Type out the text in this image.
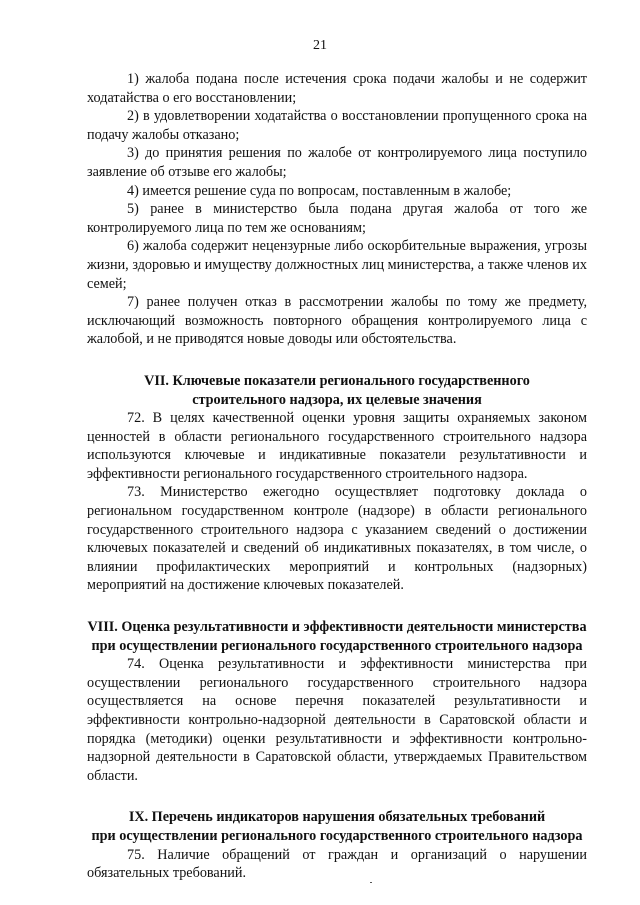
21

1) жалоба подана после истечения срока подачи жалобы и не содержит ходатайства о его восстановлении;

2) в удовлетворении ходатайства о восстановлении пропущенного срока на подачу жалобы отказано;

3) до принятия решения по жалобе от контролируемого лица поступило заявление об отзыве его жалобы;

4) имеется решение суда по вопросам, поставленным в жалобе;

5) ранее в министерство была подана другая жалоба от того же контролируемого лица по тем же основаниям;

6) жалоба содержит нецензурные либо оскорбительные выражения, угрозы жизни, здоровью и имуществу должностных лиц министерства, а также членов их семей;

7) ранее получен отказ в рассмотрении жалобы по тому же предмету, исключающий возможность повторного обращения контролируемого лица с жалобой, и не приводятся новые доводы или обстоятельства.

VII. Ключевые показатели регионального государственного
строительного надзора, их целевые значения

72. В целях качественной оценки уровня защиты охраняемых законом ценностей в области регионального государственного строительного надзора используются ключевые и индикативные показатели результативности и эффективности регионального государственного строительного надзора.

73. Министерство ежегодно осуществляет подготовку доклада о региональном государственном контроле (надзоре) в области регионального государственного строительного надзора с указанием сведений о достижении ключевых показателей и сведений об индикативных показателях, в том числе, о влиянии профилактических мероприятий и контрольных (надзорных) мероприятий на достижение ключевых показателей.

VIII. Оценка результативности и эффективности деятельности министерства
при осуществлении регионального государственного строительного надзора

74. Оценка результативности и эффективности министерства при осуществлении регионального государственного строительного надзора осуществляется на основе перечня показателей результативности и эффективности контрольно-надзорной деятельности в Саратовской области и порядка (методики) оценки результативности и эффективности контрольно-надзорной деятельности в Саратовской области, утверждаемых Правительством области.

IX. Перечень индикаторов нарушения обязательных требований
при осуществлении регионального государственного строительного надзора

75. Наличие обращений от граждан и организаций о нарушении обязательных требований.
